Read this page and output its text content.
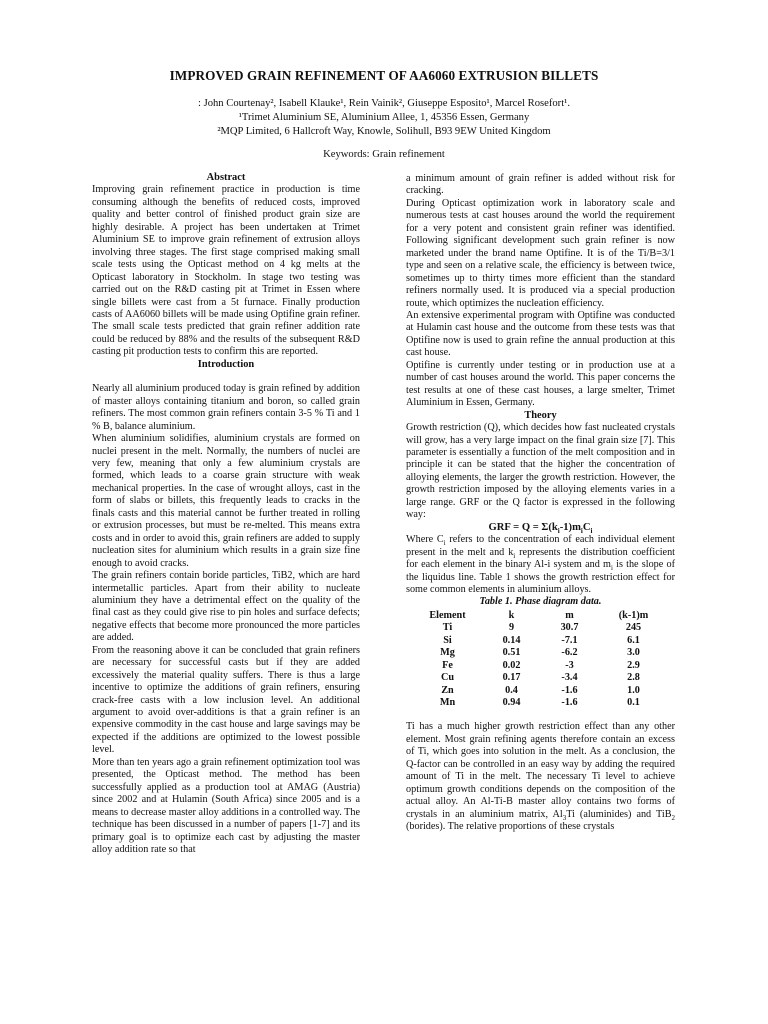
IMPROVED GRAIN REFINEMENT OF AA6060 EXTRUSION BILLETS
: John Courtenay², Isabell Klauke¹, Rein Vainik², Giuseppe Esposito¹, Marcel Rosefort¹.
¹Trimet Aluminium SE, Aluminium Allee, 1, 45356 Essen, Germany
²MQP Limited, 6 Hallcroft Way, Knowle, Solihull, B93 9EW United Kingdom
Keywords: Grain refinement

Abstract

Improving grain refinement practice in production is time consuming although the benefits of reduced costs, improved quality and better control of finished product grain size are highly desirable. A project has been undertaken at Trimet Aluminium SE to improve grain refinement of extrusion alloys involving three stages. The first stage comprised making small scale tests using the Opticast method on 4 kg melts at the Opticast laboratory in Stockholm. In stage two testing was carried out on the R&D casting pit at Trimet in Essen where single billets were cast from a 5t furnace. Finally production casts of AA6060 billets will be made using Optifine grain refiner. The small scale tests predicted that grain refiner addition rate could be reduced by 88% and the results of the subsequent R&D casting pit production tests to confirm this are reported.

Introduction

Nearly all aluminium produced today is grain refined by addition of master alloys containing titanium and boron, so called grain refiners. The most common grain refiners contain 3-5 % Ti and 1 % B, balance aluminium.

When aluminium solidifies, aluminium crystals are formed on nuclei present in the melt. Normally, the numbers of nuclei are very few, meaning that only a few aluminium crystals are formed, which leads to a coarse grain structure with weak mechanical properties. In the case of wrought alloys, cast in the form of slabs or billets, this frequently leads to cracks in the finals casts and this material cannot be further treated in rolling or extrusion processes, but must be re-melted. This means extra costs and in order to avoid this, grain refiners are added to supply nucleation sites for aluminium which results in a grain size fine enough to avoid cracks.

The grain refiners contain boride particles, TiB2, which are hard intermetallic particles. Apart from their ability to nucleate aluminium they have a detrimental effect on the quality of the final cast as they could give rise to pin holes and surface defects; negative effects that become more pronounced the more particles are added.

From the reasoning above it can be concluded that grain refiners are necessary for successful casts but if they are added excessively the material quality suffers. There is thus a large incentive to optimize the additions of grain refiners, ensuring crack-free casts with a low inclusion level. An additional argument to avoid over-additions is that a grain refiner is an expensive commodity in the cast house and large savings may be expected if the additions are optimized to the lowest possible level.

More than ten years ago a grain refinement optimization tool was presented, the Opticast method. The method has been successfully applied as a production tool at AMAG (Austria) since 2002 and at Hulamin (South Africa) since 2005 and is a means to decrease master alloy additions in a controlled way. The technique has been discussed in a number of papers [1-7] and its primary goal is to optimize each cast by adjusting the master alloy addition rate so that

a minimum amount of grain refiner is added without risk for cracking.

During Opticast optimization work in laboratory scale and numerous tests at cast houses around the world the requirement for a very potent and consistent grain refiner was identified. Following significant development such grain refiner is now marketed under the brand name Optifine. It is of the Ti/B=3/1 type and seen on a relative scale, the efficiency is between twice, sometimes up to thirty times more efficient than the standard refiners normally used. It is produced via a special production route, which optimizes the nucleation efficiency.

An extensive experimental program with Optifine was conducted at Hulamin cast house and the outcome from these tests was that Optifine now is used to grain refine the annual production at this cast house.

Optifine is currently under testing or in production use at a number of cast houses around the world. This paper concerns the test results at one of these cast houses, a large smelter, Trimet Aluminium in Essen, Germany.

Theory

Growth restriction (Q), which decides how fast nucleated crystals will grow, has a very large impact on the final grain size [7]. This parameter is essentially a function of the melt composition and in principle it can be stated that the higher the concentration of alloying elements, the larger the growth restriction. However, the growth restriction imposed by the alloying elements varies in a large range. GRF or the Q factor is expressed in the following way:

GRF = $Q = \Sigma(k_i-1)m_iC_i$

Where $C_i$ refers to the concentration of each individual element present in the melt and $k_i$ represents the distribution coefficient for each element in the binary Al-i system and $m_i$ is the slope of the liquidus line. Table 1 shows the growth restriction effect for some common elements in aluminium alloys.

Table 1. Phase diagram data.

Element	k	m	(k-1)m
Ti	9	30.7	245
Si	0.14	-7.1	6.1
Mg	0.51	-6.2	3.0
Fe	0.02	-3	2.9
Cu	0.17	-3.4	2.8
Zn	0.4	-1.6	1.0
Mn	0.94	-1.6	0.1

Ti has a much higher growth restriction effect than any other element. Most grain refining agents therefore contain an excess of Ti, which goes into solution in the melt. As a conclusion, the Q-factor can be controlled in an easy way by adding the required amount of Ti in the melt. The necessary Ti level to achieve optimum growth conditions depends on the composition of the actual alloy. An Al-Ti-B master alloy contains two forms of crystals in an aluminium matrix, $Al_3Ti$ (aluminides) and TiB$_2$ (borides). The relative proportions of these crystals
